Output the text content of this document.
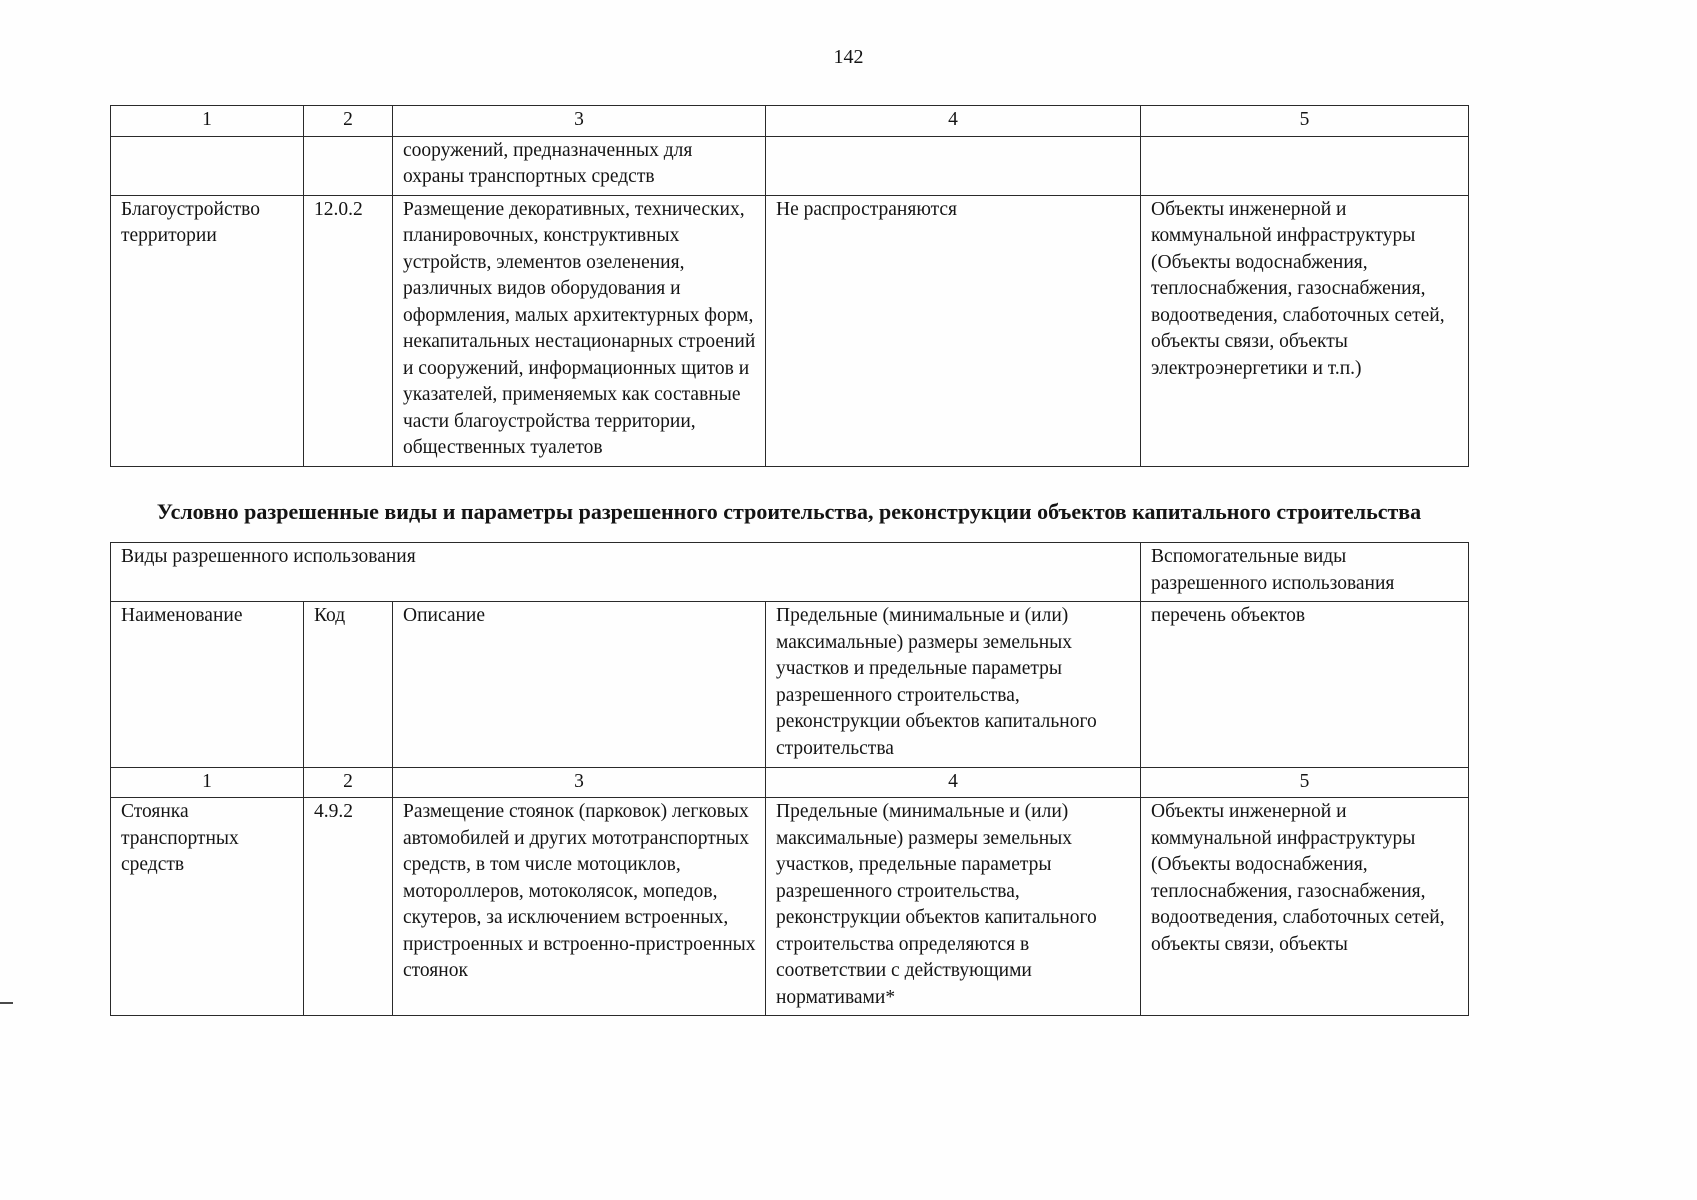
142
1	2	3	4	5
		сооружений, предназначенных для охраны транспортных средств		
Благоустройство территории	12.0.2	Размещение декоративных, технических, планировочных, конструктивных устройств, элементов озеленения, различных видов оборудования и оформления, малых архитектурных форм, некапитальных нестационарных строений и сооружений, информационных щитов и указателей, применяемых как составные части благоустройства территории, общественных туалетов	Не распространяются	Объекты инженерной и коммунальной инфраструктуры (Объекты водоснабжения, теплоснабжения, газоснабжения, водоотведения, слаботочных сетей, объекты связи, объекты электроэнергетики и т.п.)
Условно разрешенные виды и параметры разрешенного строительства, реконструкции объектов капитального строительства
Виды разрешенного использования				Вспомогательные виды разрешенного использования
Наименование	Код	Описание	Предельные (минимальные и (или) максимальные) размеры земельных участков и предельные параметры разрешенного строительства, реконструкции объектов капитального строительства	перечень объектов
1	2	3	4	5
Стоянка транспортных средств	4.9.2	Размещение стоянок (парковок) легковых автомобилей и других мототранспортных средств, в том числе мотоциклов, мотороллеров, мотоколясок, мопедов, скутеров, за исключением встроенных, пристроенных и встроенно-пристроенных стоянок	Предельные (минимальные и (или) максимальные) размеры земельных участков, предельные параметры разрешенного строительства, реконструкции объектов капитального строительства определяются в соответствии с действующими нормативами*	Объекты инженерной и коммунальной инфраструктуры (Объекты водоснабжения, теплоснабжения, газоснабжения, водоотведения, слаботочных сетей, объекты связи, объекты
